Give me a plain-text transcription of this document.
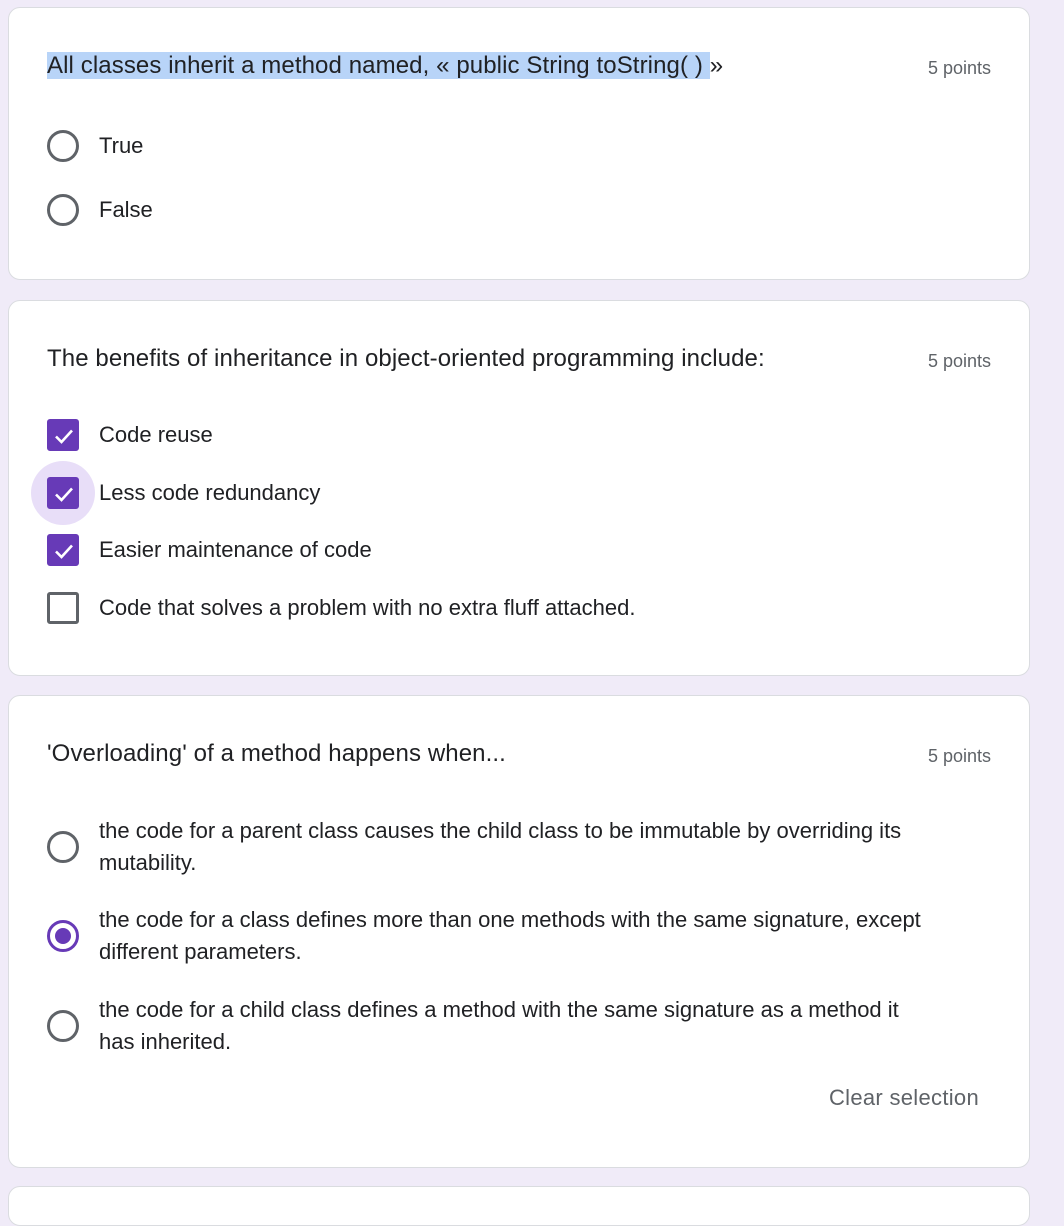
All classes inherit a method named, « public String toString( ) »	5 points
True
False
The benefits of inheritance in object-oriented programming include:	5 points
Code reuse
Less code redundancy
Easier maintenance of code
Code that solves a problem with no extra fluff attached.
'Overloading' of a method happens when...	5 points
the code for a parent class causes the child class to be immutable by overriding its
mutability.
the code for a class defines more than one methods with the same signature, except
different parameters.
the code for a child class defines a method with the same signature as a method it
has inherited.
Clear selection
